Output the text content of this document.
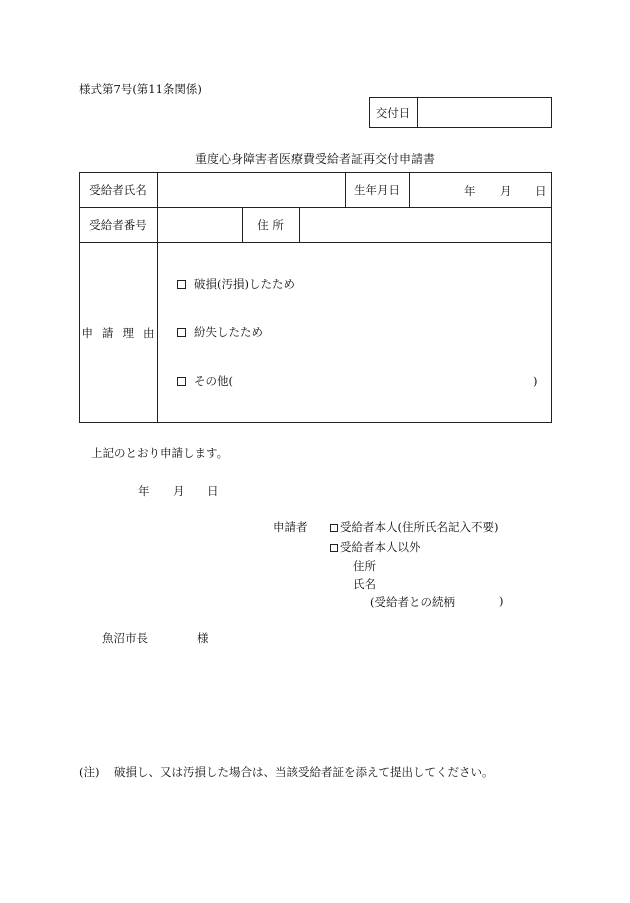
様式第7号(第11条関係)
交付日
重度心身障害者医療費受給者証再交付申請書
受給者氏名	生年月日	年 月 日
受給者番号	住 所
申請理由
破損(汚損)したため
紛失したため
その他(	)
上記のとおり申請します。
年 月 日
申請者	受給者本人(住所氏名記入不要)
受給者本人以外
住所
氏名
(受給者との続柄	)
魚沼市長	様
(注) 破損し、又は汚損した場合は、当該受給者証を添えて提出してください。
